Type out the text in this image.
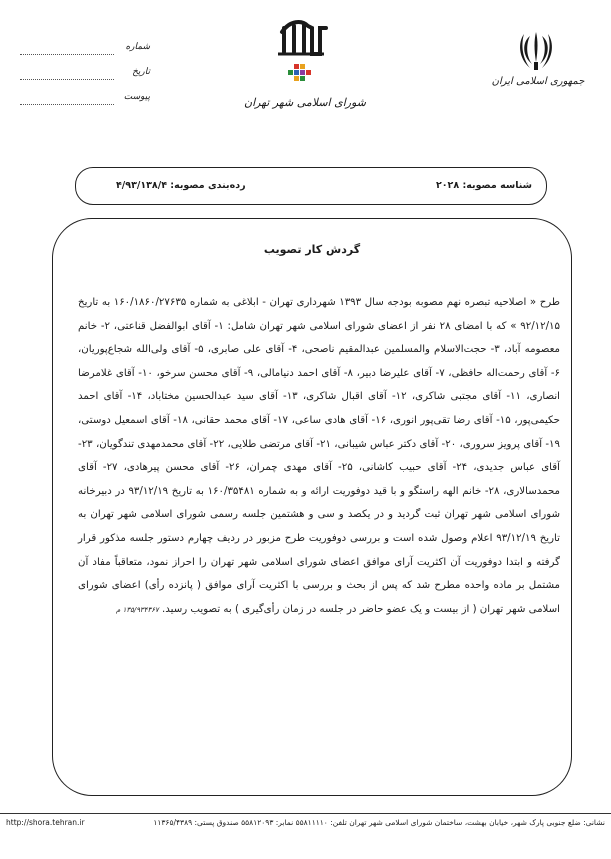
شماره
تاریخ
پیوست	شورای اسلامی شهر تهران
جمهوری اسلامی ایران
شناسه مصوبه: ۲۰۲۸
رده‌بندی مصوبه: ۴/۹۳/۱۳۸/۴
گردش کار تصویب
طرح « اصلاحیه تبصره نهم مصوبه بودجه سال ۱۳۹۳ شهرداری تهران - ابلاغی به شماره ۱۶۰/۱۸۶۰/۲۷۶۳۵ به تاریخ ۹۲/۱۲/۱۵ » که با امضای ۲۸ نفر از اعضای شورای اسلامی شهر تهران شامل: ۱- آقای ابوالفضل قناعتی، ۲- خانم معصومه آباد، ۳- حجت‌الاسلام والمسلمین عبدالمقیم ناصحی، ۴- آقای علی صابری، ۵- آقای ولی‌الله شجاع‌پوریان، ۶- آقای رحمت‌اله حافظی، ۷- آقای علیرضا دبیر، ۸- آقای احمد دنیامالی، ۹- آقای محسن سرخو، ۱۰- آقای غلامرضا انصاری، ۱۱- آقای مجتبی شاکری، ۱۲- آقای اقبال شاکری، ۱۳- آقای سید عبدالحسین مختاباد، ۱۴- آقای احمد حکیمی‌پور، ۱۵- آقای رضا تقی‌پور انوری، ۱۶- آقای هادی ساعی، ۱۷- آقای محمد حقانی، ۱۸- آقای اسمعیل دوستی، ۱۹- آقای پرویز سروری، ۲۰- آقای دکتر عباس شیبانی، ۲۱- آقای مرتضی طلایی، ۲۲- آقای محمدمهدی تندگویان، ۲۳- آقای عباس جدیدی، ۲۴- آقای حبیب کاشانی، ۲۵- آقای مهدی چمران، ۲۶- آقای محسن پیرهادی، ۲۷- آقای محمدسالاری، ۲۸- خانم الهه راستگو و با قید دوفوریت ارائه و به شماره ۱۶۰/۳۵۴۸۱ به تاریخ ۹۳/۱۲/۱۹ در دبیرخانه شورای اسلامی شهر تهران ثبت گردید و در یکصد و سی و هشتمین جلسه رسمی شورای اسلامی شهر تهران به تاریخ ۹۳/۱۲/۱۹ اعلام وصول شده است و بررسی دوفوریت طرح مزبور در ردیف چهارم دستور جلسه مذکور قرار گرفته و ابتدا دوفوریت آن اکثریت آرای موافق اعضای شورای اسلامی شهر تهران را احراز نمود، متعاقباً مفاد آن مشتمل بر ماده واحده مطرح شد که پس از بحث و بررسی با اکثریت آرای موافق ( پانزده رأی) اعضای شورای اسلامی شهر تهران ( از بیست و یک عضو حاضر در جلسه در زمان رأی‌گیری ) به تصویب رسید. ۱۳۵/۹۳۴۳۶۷ م
http://shora.tehran.ir	نشانی: ضلع جنوبی پارک شهر، خیابان بهشت، ساختمان شورای اسلامی شهر تهران تلفن: ۵۵۸۱۱۱۱۰ نمابر: ۵۵۸۱۲۰۹۳ صندوق پستی: ۱۱۳۶۵/۴۳۸۹
